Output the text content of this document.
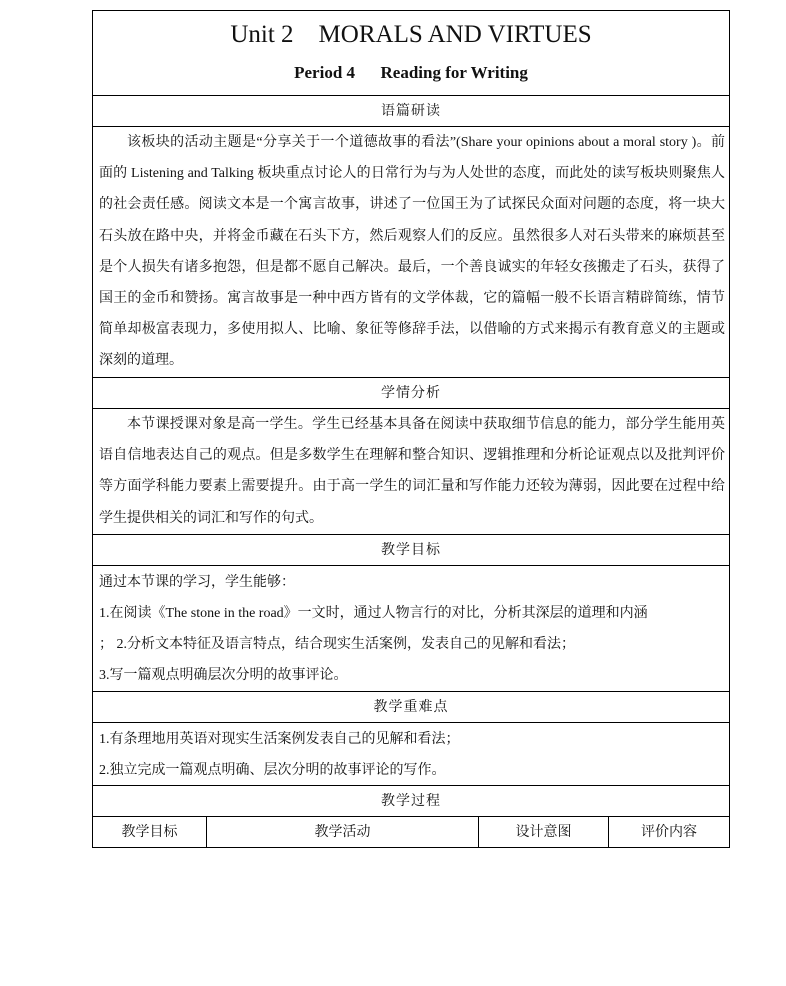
Unit 2    MORALS AND VIRTUES
Period 4      Reading for Writing
语篇研读
该板块的活动主题是“分享关于一个道德故事的看法”(Share your opinions about a moral story )。前面的 Listening and Talking 板块重点讨论人的日常行为与为人处世的态度，而此处的读写板块则聚焦人的社会责任感。阅读文本是一个寓言故事，讲述了一位国王为了试探民众面对问题的态度，将一块大石头放在路中央，并将金币藏在石头下方，然后观察人们的反应。虽然很多人对石头带来的麻烦甚至是个人损失有诸多抱怨，但是都不愿自己解决。最后，一个善良诚实的年轻女孩搬走了石头，获得了国王的金币和赞扬。寓言故事是一种中西方皆有的文学体裁，它的篇幅一般不长语言精辟简练，情节简单却极富表现力，多使用拟人、比喻、象征等修辞手法，以借喻的方式来揭示有教育意义的主题或深刻的道理。
学情分析
本节课授课对象是高一学生。学生已经基本具备在阅读中获取细节信息的能力，部分学生能用英语自信地表达自己的观点。但是多数学生在理解和整合知识、逻辑推理和分析论证观点以及批判评价等方面学科能力要素上需要提升。由于高一学生的词汇量和写作能力还较为薄弱，因此要在过程中给学生提供相关的词汇和写作的句式。
教学目标
通过本节课的学习，学生能够：
1.在阅读《The stone in the road》一文时，通过人物言行的对比，分析其深层的道理和内涵
； 2.分析文本特征及语言特点，结合现实生活案例，发表自己的见解和看法；
3.写一篇观点明确层次分明的故事评论。
教学重难点
1.有条理地用英语对现实生活案例发表自己的见解和看法；
2.独立完成一篇观点明确、层次分明的故事评论的写作。
教学过程
教学目标	教学活动	设计意图	评价内容
